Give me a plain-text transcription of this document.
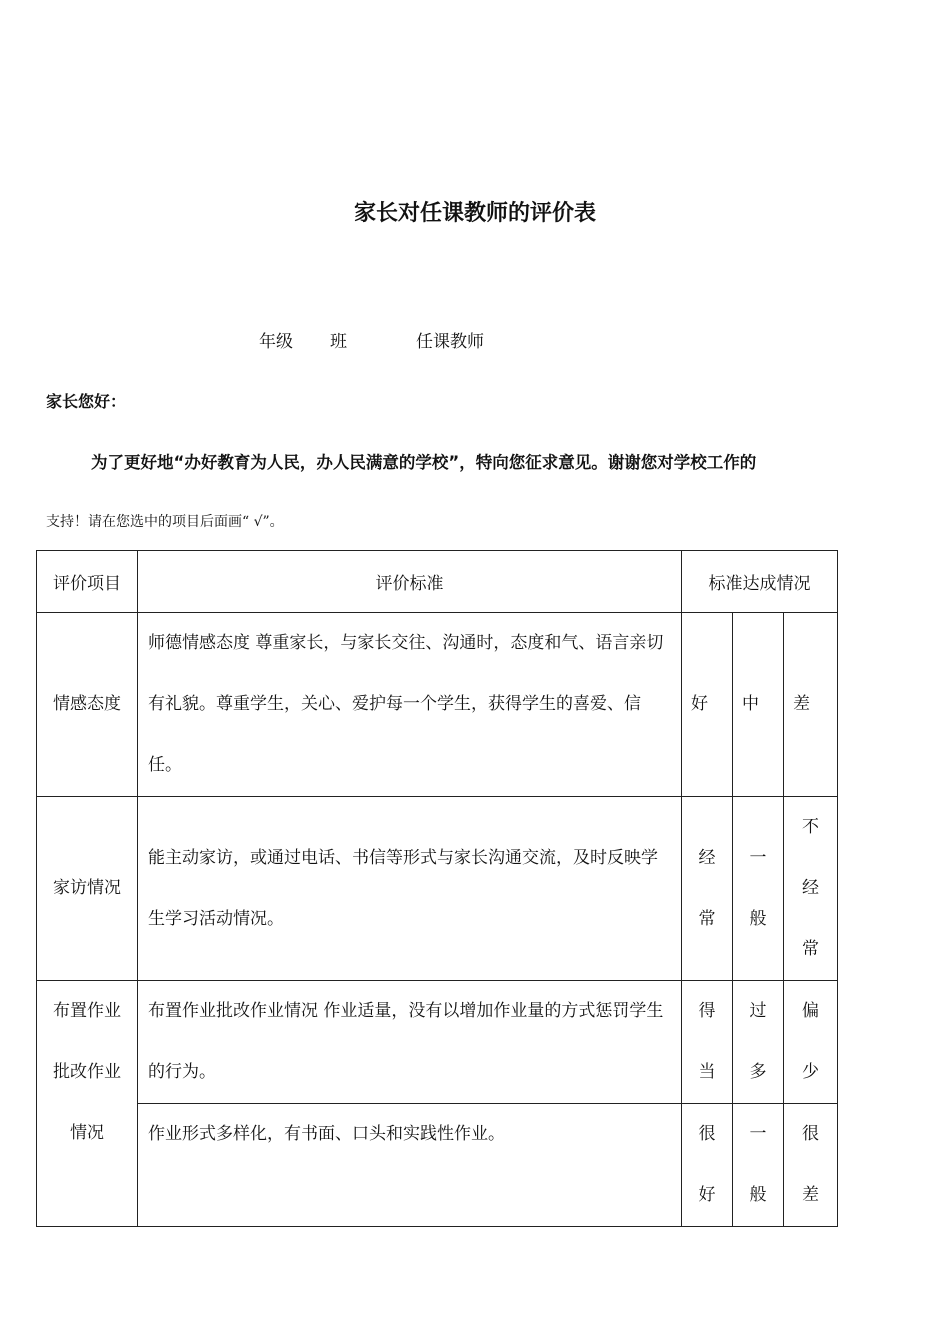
家长对任课教师的评价表
年级 班	任课教师
家长您好：
为了更好地“办好教育为人民，办人民满意的学校”，特向您征求意见。谢谢您对学校工作的
支持！请在您选中的项目后面画“ √”。
评价项目	评价标准	标准达成情况		
情感态度	师德情感态度 尊重家长，与家长交往、沟通时，态度和气、语言亲切有礼貌。尊重学生，关心、爱护每一个学生，获得学生的喜爱、信任。	好	中	差
家访情况	能主动家访，或通过电话、书信等形式与家长沟通交流，及时反映学生学习活动情况。	经常	一般	不经常
布置作业批改作业情况	布置作业批改作业情况 作业适量，没有以增加作业量的方式惩罚学生的行为。	得当	过多	偏少
	作业形式多样化，有书面、口头和实践性作业。	很好	一般	很差
